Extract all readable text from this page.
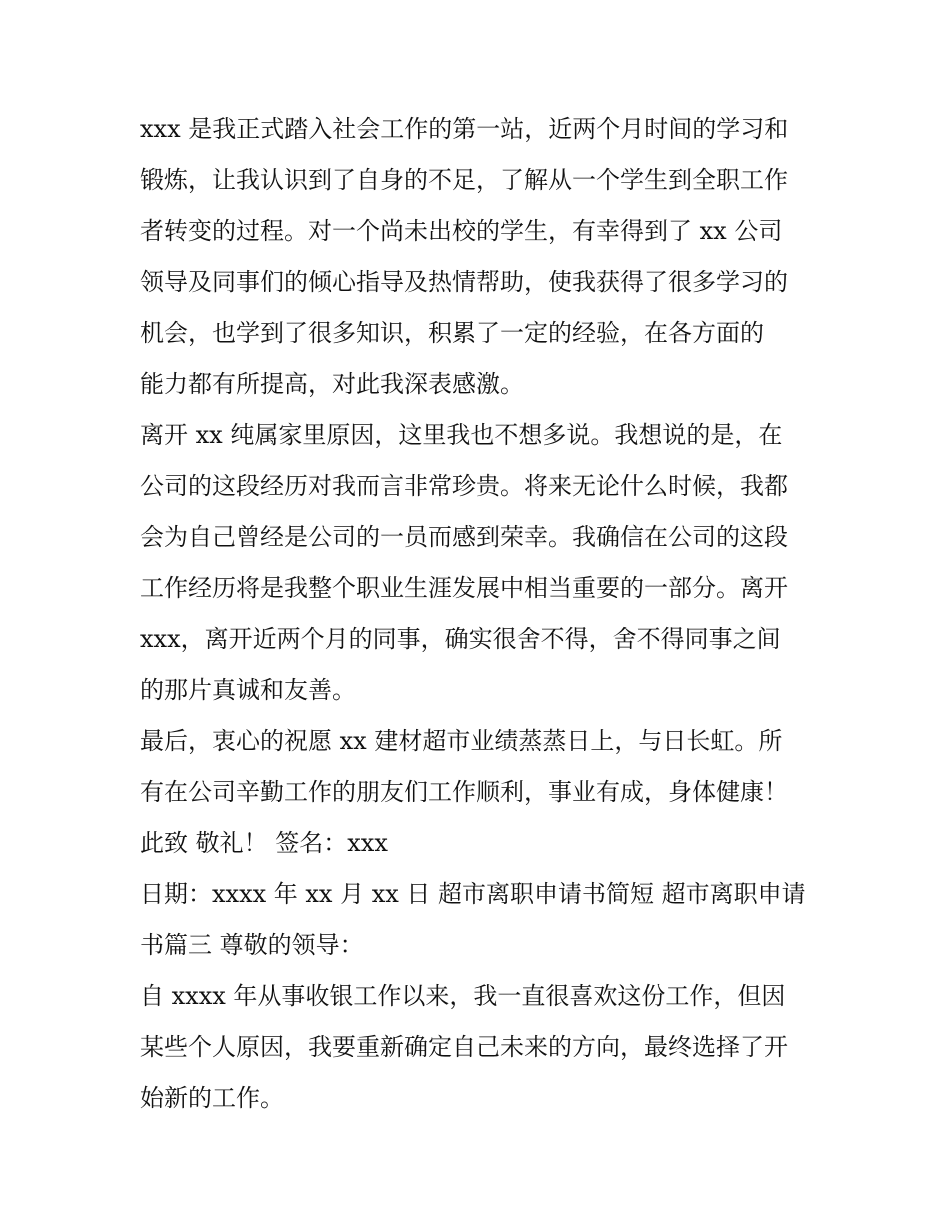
xxx 是我正式踏入社会工作的第一站，近两个月时间的学习和
锻炼，让我认识到了自身的不足，了解从一个学生到全职工作
者转变的过程。对一个尚未出校的学生，有幸得到了 xx 公司
领导及同事们的倾心指导及热情帮助，使我获得了很多学习的
机会，也学到了很多知识，积累了一定的经验，在各方面的
能力都有所提高，对此我深表感激。
离开 xx 纯属家里原因，这里我也不想多说。我想说的是，在
公司的这段经历对我而言非常珍贵。将来无论什么时候，我都
会为自己曾经是公司的一员而感到荣幸。我确信在公司的这段
工作经历将是我整个职业生涯发展中相当重要的一部分。离开
xxx，离开近两个月的同事，确实很舍不得，舍不得同事之间
的那片真诚和友善。
最后，衷心的祝愿 xx 建材超市业绩蒸蒸日上，与日长虹。所
有在公司辛勤工作的朋友们工作顺利，事业有成，身体健康！
此致 敬礼！ 签名：xxx
日期：xxxx 年 xx 月 xx 日 超市离职申请书简短 超市离职申请
书篇三 尊敬的领导：
自 xxxx 年从事收银工作以来，我一直很喜欢这份工作，但因
某些个人原因，我要重新确定自己未来的方向，最终选择了开
始新的工作。
